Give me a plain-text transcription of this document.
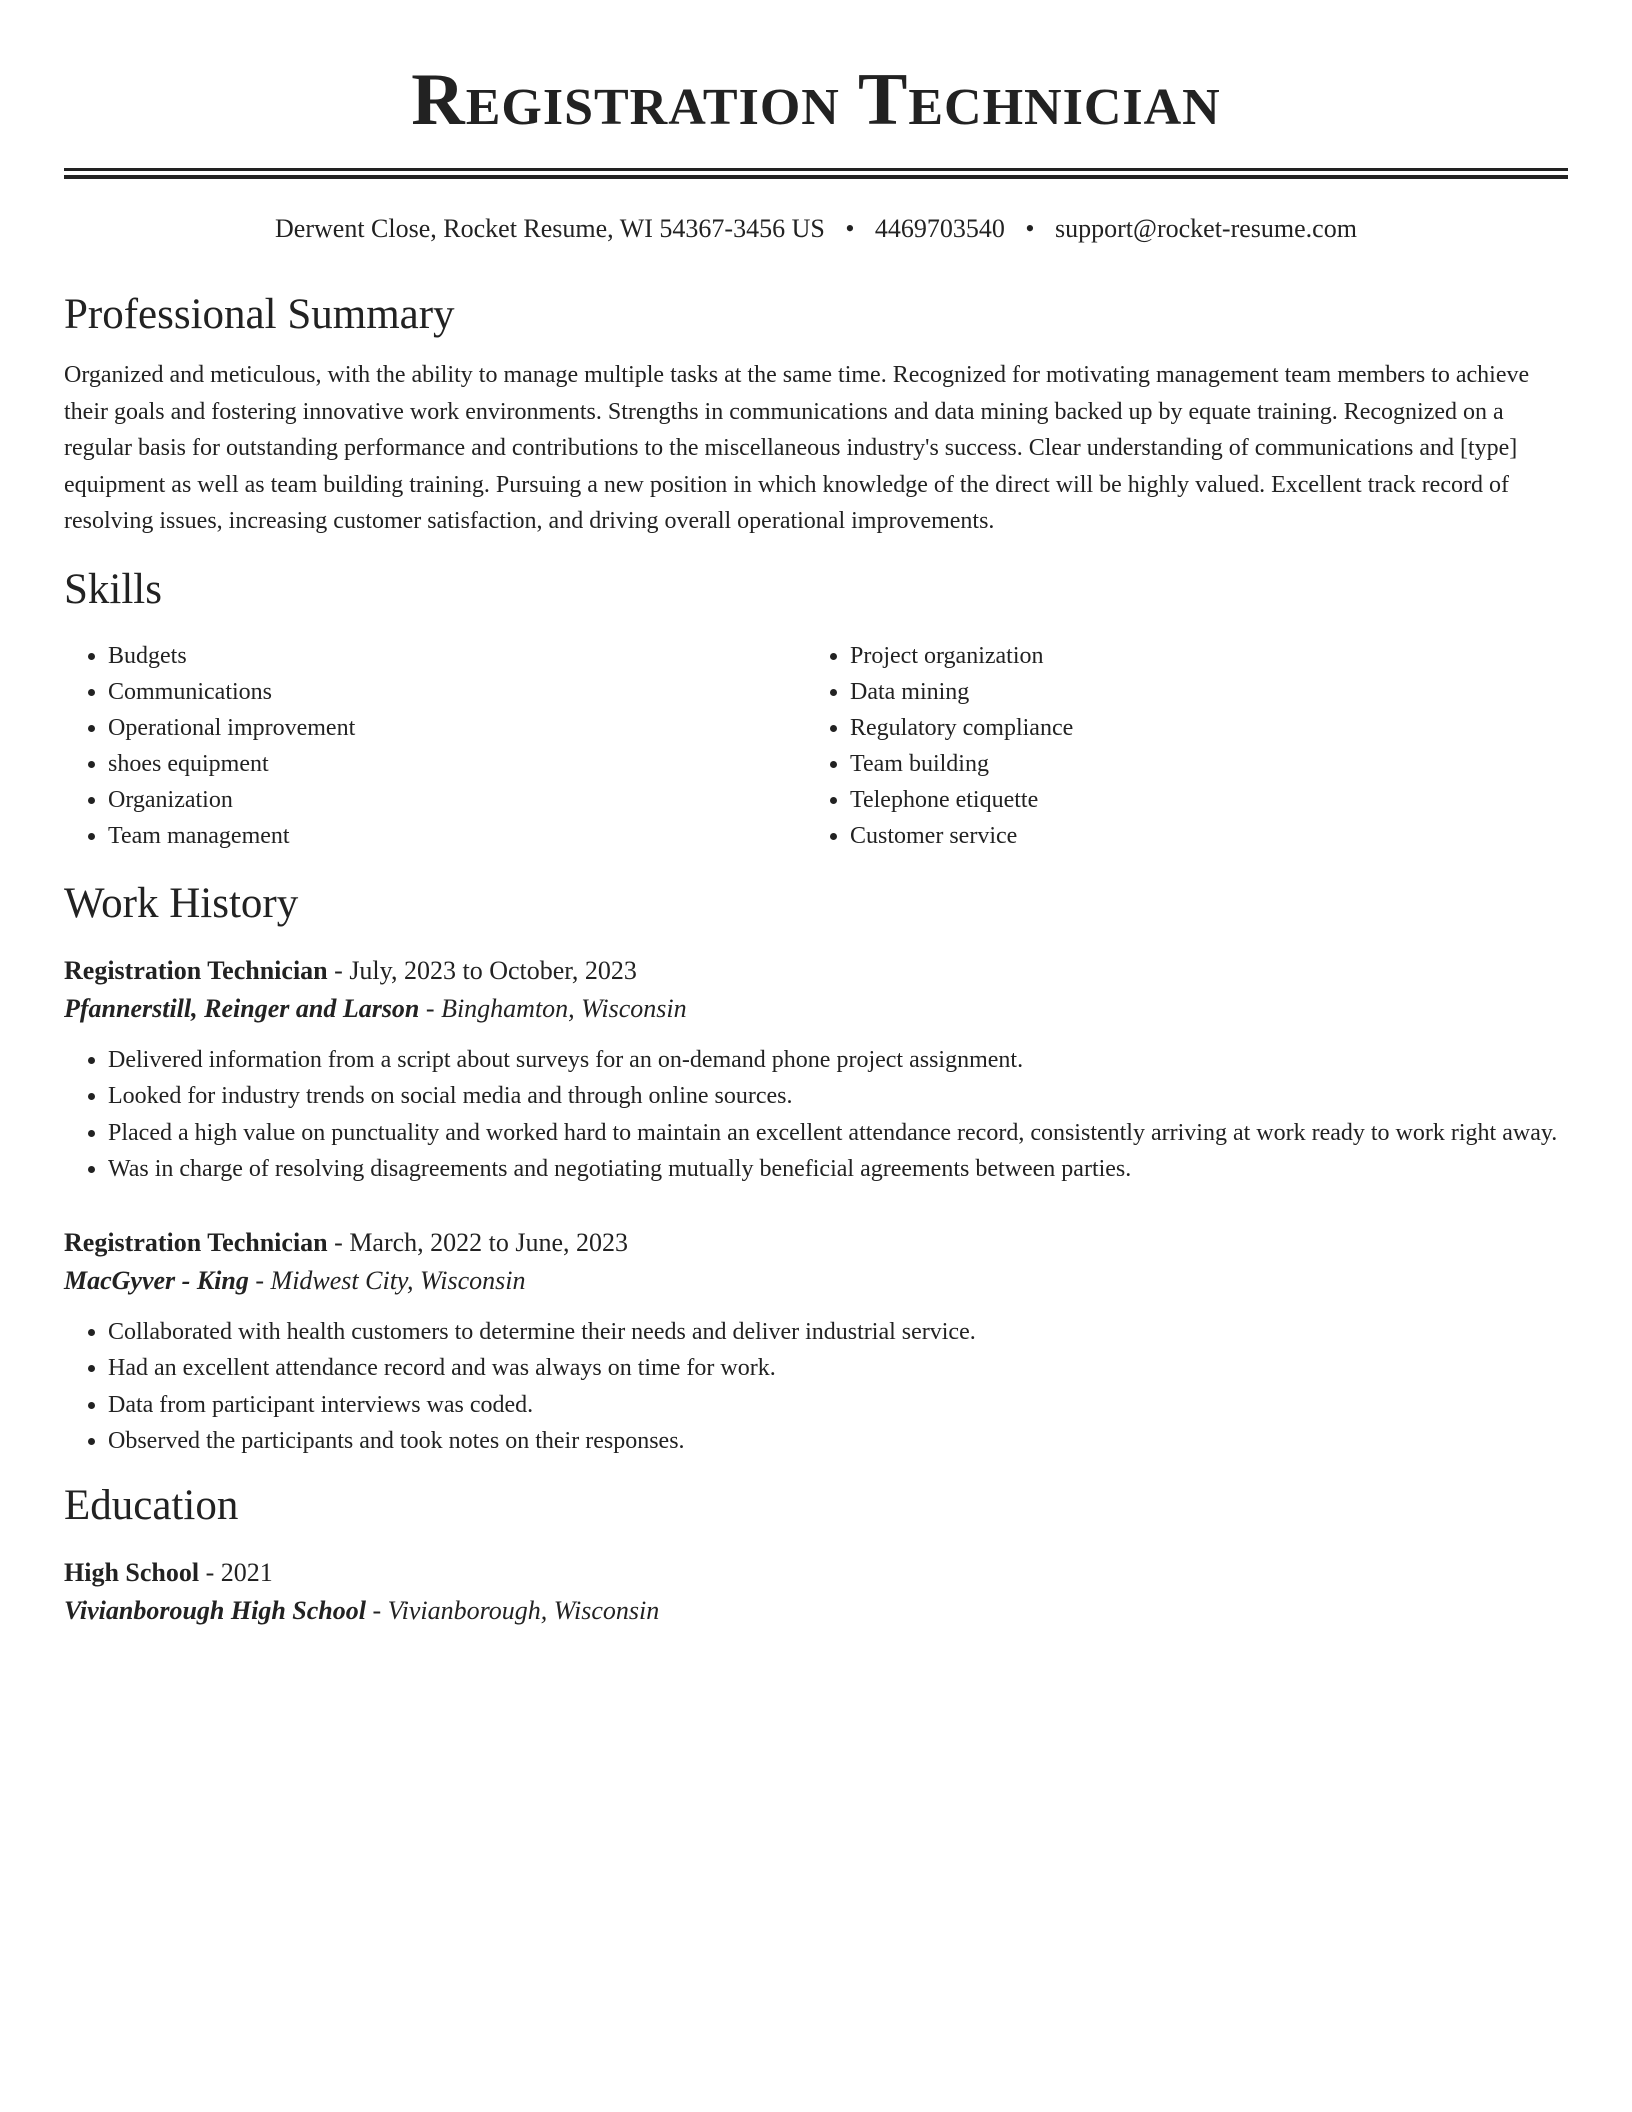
Registration Technician
Derwent Close, Rocket Resume, WI 54367-3456 US • 4469703540 • support@rocket-resume.com
Professional Summary

Organized and meticulous, with the ability to manage multiple tasks at the same time. Recognized for motivating management team members to achieve their goals and fostering innovative work environments. Strengths in communications and data mining backed up by equate training. Recognized on a regular basis for outstanding performance and contributions to the miscellaneous industry's success. Clear understanding of communications and [type] equipment as well as team building training. Pursuing a new position in which knowledge of the direct will be highly valued. Excellent track record of resolving issues, increasing customer satisfaction, and driving overall operational improvements.

Skills
• Budgets
• Communications
• Operational improvement
• shoes equipment
• Organization
• Team management
• Project organization
• Data mining
• Regulatory compliance
• Team building
• Telephone etiquette
• Customer service
Work History
Registration Technician - July, 2023 to October, 2023
Pfannerstill, Reinger and Larson - Binghamton, Wisconsin
• Delivered information from a script about surveys for an on-demand phone project assignment.
• Looked for industry trends on social media and through online sources.
• Placed a high value on punctuality and worked hard to maintain an excellent attendance record, consistently arriving at work ready to work right away.
• Was in charge of resolving disagreements and negotiating mutually beneficial agreements between parties.
Registration Technician - March, 2022 to June, 2023
MacGyver - King - Midwest City, Wisconsin
• Collaborated with health customers to determine their needs and deliver industrial service.
• Had an excellent attendance record and was always on time for work.
• Data from participant interviews was coded.
• Observed the participants and took notes on their responses.
Education
High School - 2021
Vivianborough High School - Vivianborough, Wisconsin
